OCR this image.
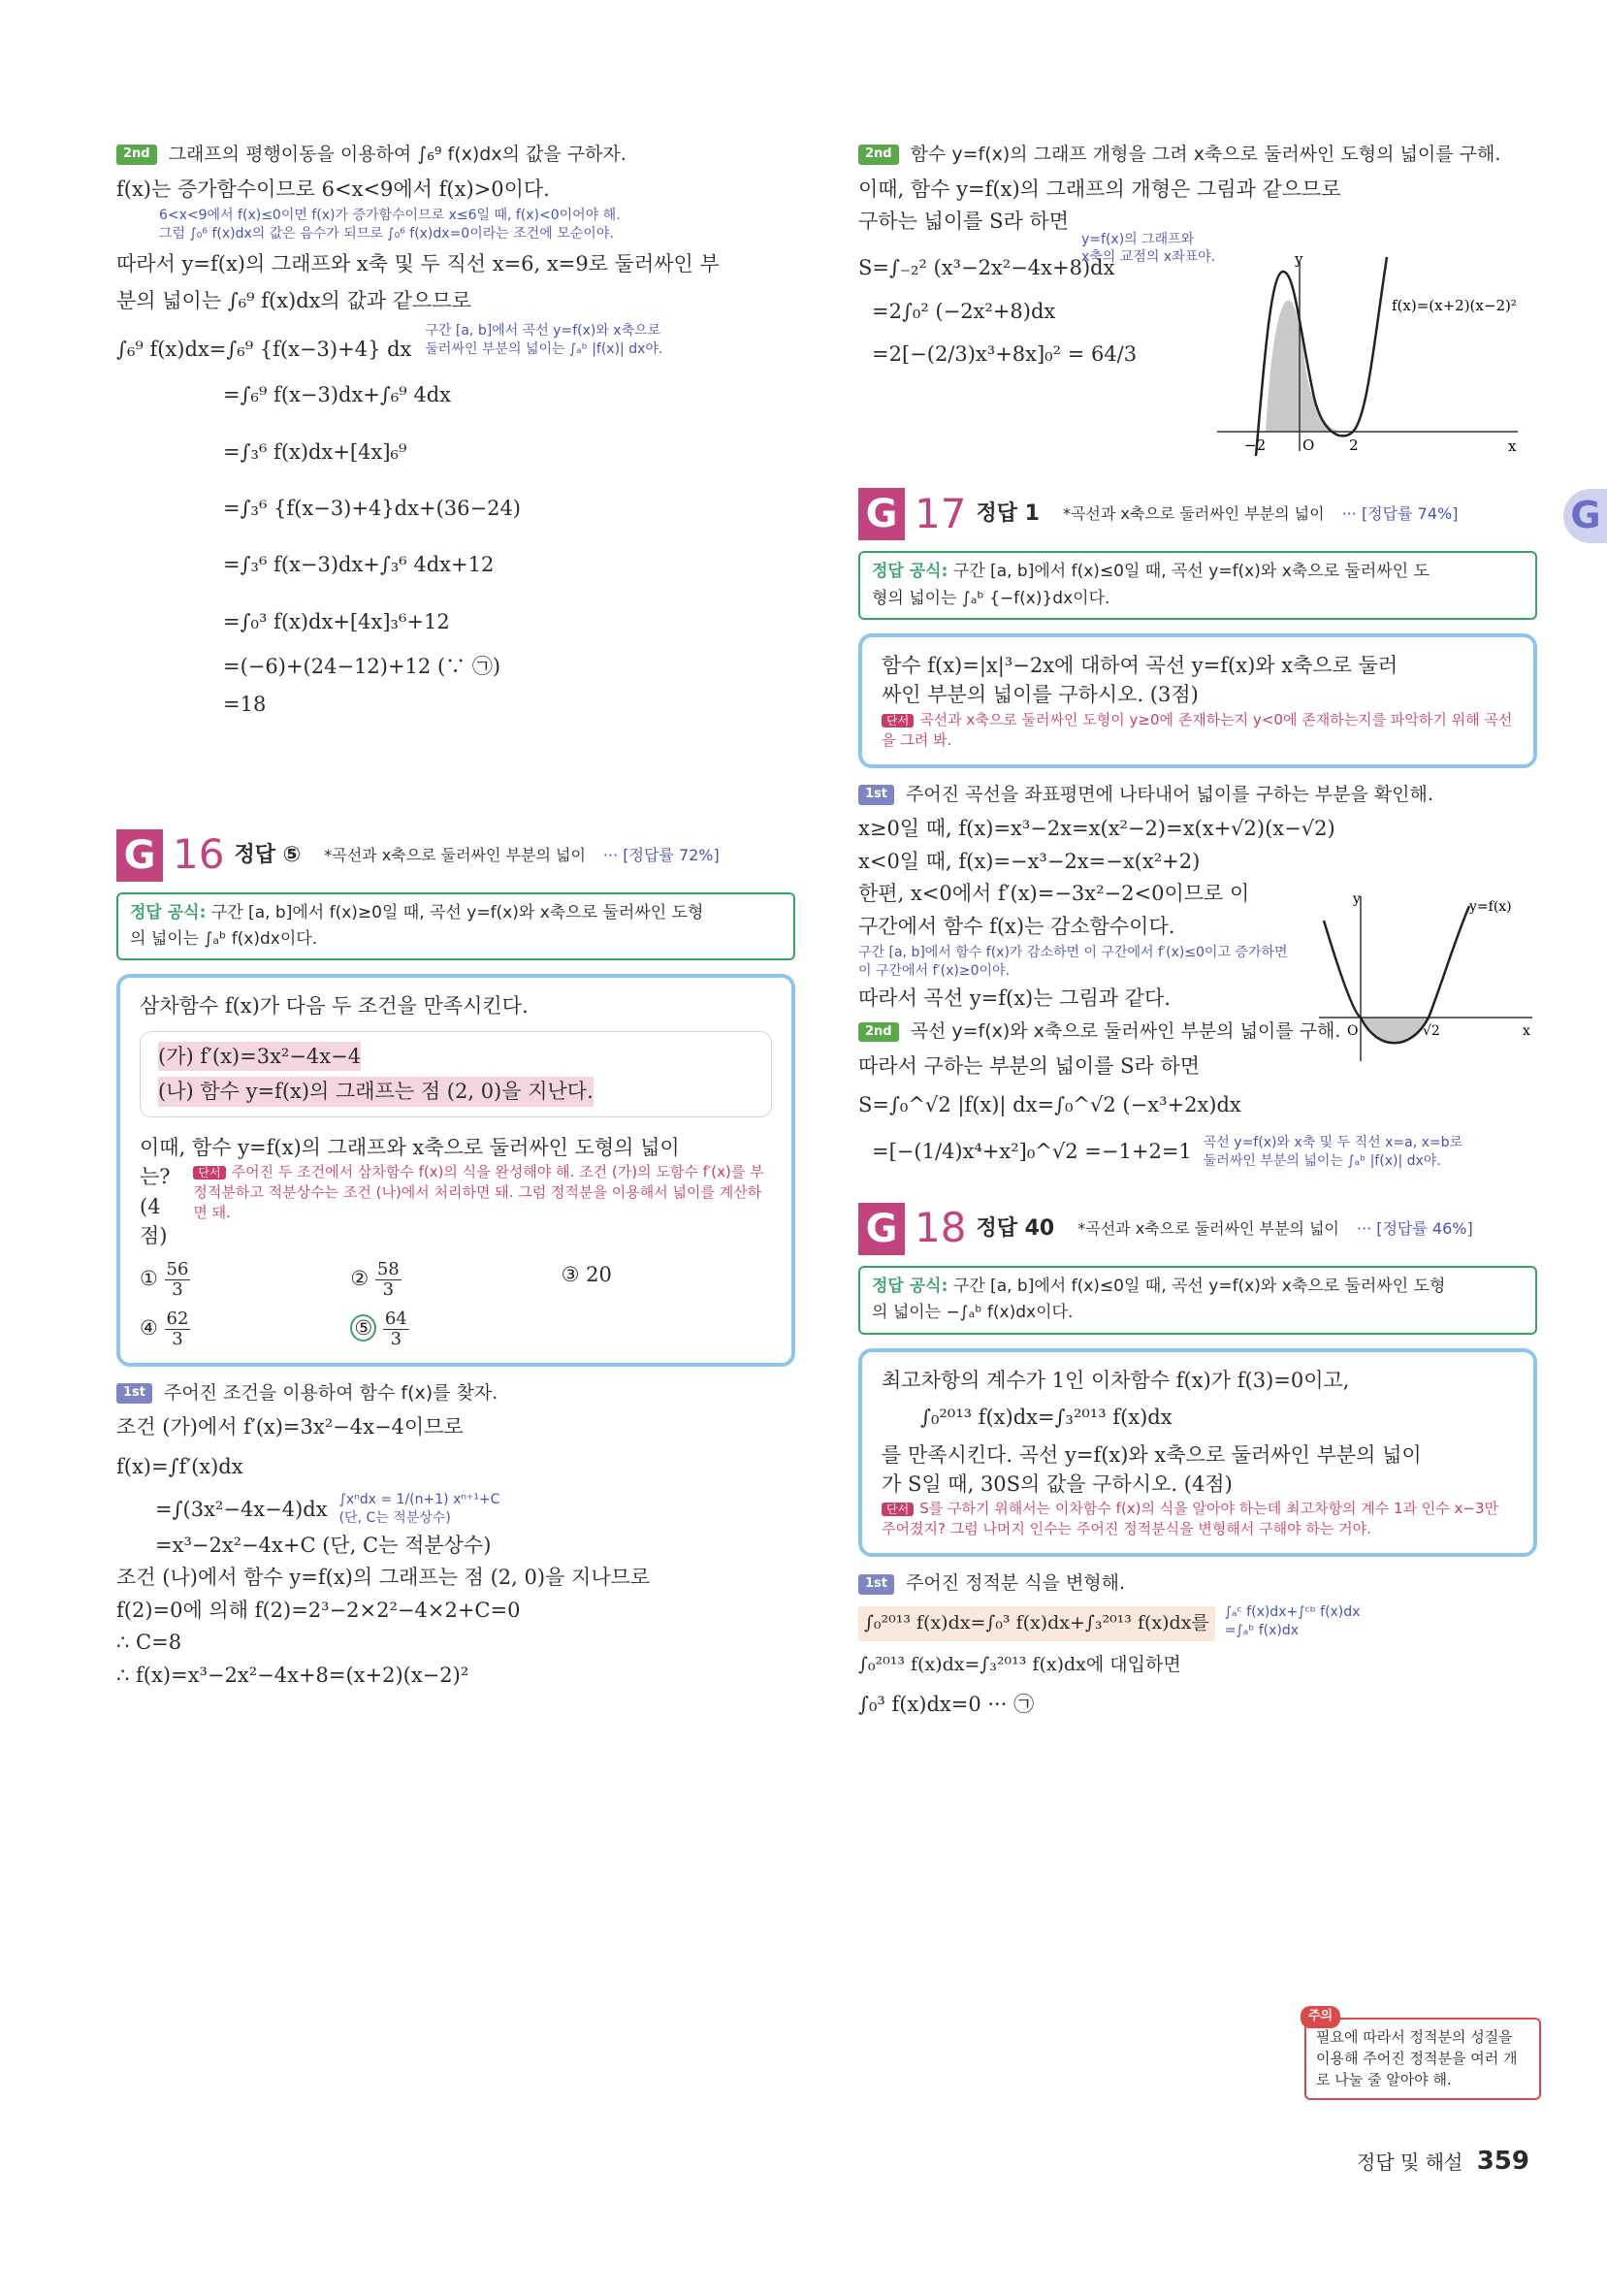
2nd	그래프의 평행이동을 이용하여 ∫₆⁹ f(x)dx의 값을 구하자.
f(x)는 증가함수이므로 6<x<9에서 f(x)>0이다.
6<x<9에서 f(x)≤0이면 f(x)가 증가함수이므로 x≤6일 때, f(x)<0이어야 해.
그럼 ∫₀⁶ f(x)dx의 값은 음수가 되므로 ∫₀⁶ f(x)dx=0이라는 조건에 모순이야.
따라서 y=f(x)의 그래프와 x축 및 두 직선 x=6, x=9로 둘러싸인 부
분의 넓이는 ∫₆⁹ f(x)dx의 값과 같으므로
∫₆⁹ f(x)dx=∫₆⁹ {f(x−3)+4} dx
구간 [a, b]에서 곡선 y=f(x)와 x축으로
둘러싸인 부분의 넓이는 ∫ₐᵇ |f(x)| dx야.
=∫₆⁹ f(x−3)dx+∫₆⁹ 4dx
=∫₃⁶ f(x)dx+[4x]₆⁹
=∫₃⁶ {f(x−3)+4}dx+(36−24)
=∫₃⁶ f(x−3)dx+∫₃⁶ 4dx+12
=∫₀³ f(x)dx+[4x]₃⁶+12
=(−6)+(24−12)+12 (∵ ㉠)
=18
G 16 정답 ⑤ *곡선과 x축으로 둘러싸인 부분의 넓이 ··· [정답률 72%]
정답 공식: 구간 [a, b]에서 f(x)≥0일 때, 곡선 y=f(x)와 x축으로 둘러싸인 도형
의 넓이는 ∫ₐᵇ f(x)dx이다.
삼차함수 f(x)가 다음 두 조건을 만족시킨다.
(가) f′(x)=3x²−4x−4
(나) 함수 y=f(x)의 그래프는 점 (2, 0)을 지난다.
이때, 함수 y=f(x)의 그래프와 x축으로 둘러싸인 도형의 넓이
는? (4점)
단서 주어진 두 조건에서 삼차함수 f(x)의 식을 완성해야 해. 조건 (가)의 도함수 f′(x)를 부정적분하고 적분상수는 조건 (나)에서 처리하면 돼. 그럼 정적분을 이용해서 넓이를 계산하면 돼.
① $\frac{56}{3}$	② $\frac{58}{3}$	③ 20
④ $\frac{62}{3}$	⑤ $\frac{64}{3}$
1st	주어진 조건을 이용하여 함수 f(x)를 찾자.
조건 (가)에서 f′(x)=3x²−4x−4이므로
f(x)=∫f′(x)dx
=∫(3x²−4x−4)dx ∫xⁿdx = 1/(n+1) xⁿ⁺¹+C
(단, C는 적분상수)
=x³−2x²−4x+C (단, C는 적분상수)
조건 (나)에서 함수 y=f(x)의 그래프는 점 (2, 0)을 지나므로
f(2)=0에 의해 f(2)=2³−2×2²−4×2+C=0
∴ C=8
∴ f(x)=x³−2x²−4x+8=(x+2)(x−2)²
2nd	함수 y=f(x)의 그래프 개형을 그려 x축으로 둘러싸인 도형의 넓이를 구해.
이때, 함수 y=f(x)의 그래프의 개형은 그림과 같으므로
구하는 넓이를 S라 하면
y=f(x)의 그래프와
x축의 교점의 x좌표야.
S=∫₋₂² (x³−2x²−4x+8)dx
=2∫₀² (−2x²+8)dx
=2[−(2/3)x³+8x]₀² = 64/3
y
x
O
−2	2
f(x)=(x+2)(x−2)²
G 17 정답 1 *곡선과 x축으로 둘러싸인 부분의 넓이 ··· [정답률 74%]
정답 공식: 구간 [a, b]에서 f(x)≤0일 때, 곡선 y=f(x)와 x축으로 둘러싸인 도
형의 넓이는 ∫ₐᵇ {−f(x)}dx이다.
함수 f(x)=|x|³−2x에 대하여 곡선 y=f(x)와 x축으로 둘러
싸인 부분의 넓이를 구하시오. (3점)
단서 곡선과 x축으로 둘러싸인 도형이 y≥0에 존재하는지 y<0에 존재하는지를 파악하기 위해 곡선을 그려 봐.
1st	주어진 곡선을 좌표평면에 나타내어 넓이를 구하는 부분을 확인해.
x≥0일 때, f(x)=x³−2x=x(x²−2)=x(x+√2)(x−√2)
x<0일 때, f(x)=−x³−2x=−x(x²+2)
한편, x<0에서 f′(x)=−3x²−2<0이므로 이
구간에서 함수 f(x)는 감소함수이다.
구간 [a, b]에서 함수 f(x)가 감소하면 이 구간에서 f′(x)≤0이고 증가하면 이 구간에서 f′(x)≥0이야.
따라서 곡선 y=f(x)는 그림과 같다.
y
x
O	√2
y=f(x)
2nd	곡선 y=f(x)와 x축으로 둘러싸인 부분의 넓이를 구해.
따라서 구하는 부분의 넓이를 S라 하면
S=∫₀^√2 |f(x)| dx=∫₀^√2 (−x³+2x)dx
=[−(1/4)x⁴+x²]₀^√2 =−1+2=1 곡선 y=f(x)와 x축 및 두 직선 x=a, x=b로
둘러싸인 부분의 넓이는 ∫ₐᵇ |f(x)| dx야.
G 18 정답 40 *곡선과 x축으로 둘러싸인 부분의 넓이 ··· [정답률 46%]
정답 공식: 구간 [a, b]에서 f(x)≤0일 때, 곡선 y=f(x)와 x축으로 둘러싸인 도형
의 넓이는 −∫ₐᵇ f(x)dx이다.
최고차항의 계수가 1인 이차함수 f(x)가 f(3)=0이고,
∫₀²⁰¹³ f(x)dx=∫₃²⁰¹³ f(x)dx
를 만족시킨다. 곡선 y=f(x)와 x축으로 둘러싸인 부분의 넓이
가 S일 때, 30S의 값을 구하시오. (4점)
단서 S를 구하기 위해서는 이차함수 f(x)의 식을 알아야 하는데 최고차항의 계수 1과 인수 x−3만 주어졌지? 그럼 나머지 인수는 주어진 정적분식을 변형해서 구해야 하는 거야.
1st	주어진 정적분 식을 변형해.
∫₀²⁰¹³ f(x)dx=∫₀³ f(x)dx+∫₃²⁰¹³ f(x)dx를	∫ₐᶜ f(x)dx+∫ᶜᵇ f(x)dx
=∫ₐᵇ f(x)dx
∫₀²⁰¹³ f(x)dx=∫₃²⁰¹³ f(x)dx에 대입하면
∫₀³ f(x)dx=0 ··· ㉠
주의
필요에 따라서 정적분의 성질을 이용해 주어진 정적분을 여러 개로 나눌 줄 알아야 해.
G
정답 및 해설 359
